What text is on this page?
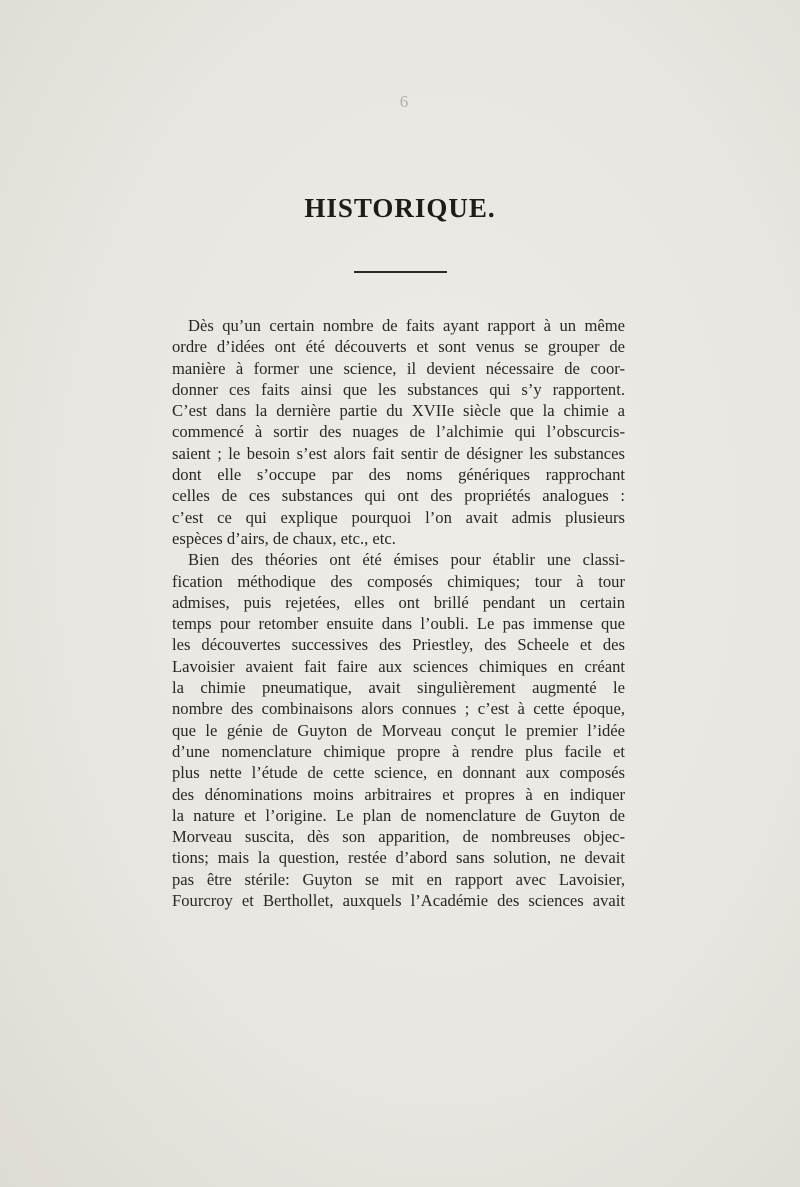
6
HISTORIQUE.
Dès qu’un certain nombre de faits ayant rapport à un même
ordre d’idées ont été découverts et sont venus se grouper de
manière à former une science, il devient nécessaire de coor-
donner ces faits ainsi que les substances qui s’y rapportent.
C’est dans la dernière partie du XVIIe siècle que la chimie a
commencé à sortir des nuages de l’alchimie qui l’obscurcis-
saient ; le besoin s’est alors fait sentir de désigner les substances
dont elle s’occupe par des noms génériques rapprochant
celles de ces substances qui ont des propriétés analogues :
c’est ce qui explique pourquoi l’on avait admis plusieurs
espèces d’airs, de chaux, etc., etc.
Bien des théories ont été émises pour établir une classi-
fication méthodique des composés chimiques; tour à tour
admises, puis rejetées, elles ont brillé pendant un certain
temps pour retomber ensuite dans l’oubli. Le pas immense que
les découvertes successives des Priestley, des Scheele et des
Lavoisier avaient fait faire aux sciences chimiques en créant
la chimie pneumatique, avait singulièrement augmenté le
nombre des combinaisons alors connues ; c’est à cette époque,
que le génie de Guyton de Morveau conçut le premier l’idée
d’une nomenclature chimique propre à rendre plus facile et
plus nette l’étude de cette science, en donnant aux composés
des dénominations moins arbitraires et propres à en indiquer
la nature et l’origine. Le plan de nomenclature de Guyton de
Morveau suscita, dès son apparition, de nombreuses objec-
tions; mais la question, restée d’abord sans solution, ne devait
pas être stérile: Guyton se mit en rapport avec Lavoisier,
Fourcroy et Berthollet, auxquels l’Académie des sciences avait
